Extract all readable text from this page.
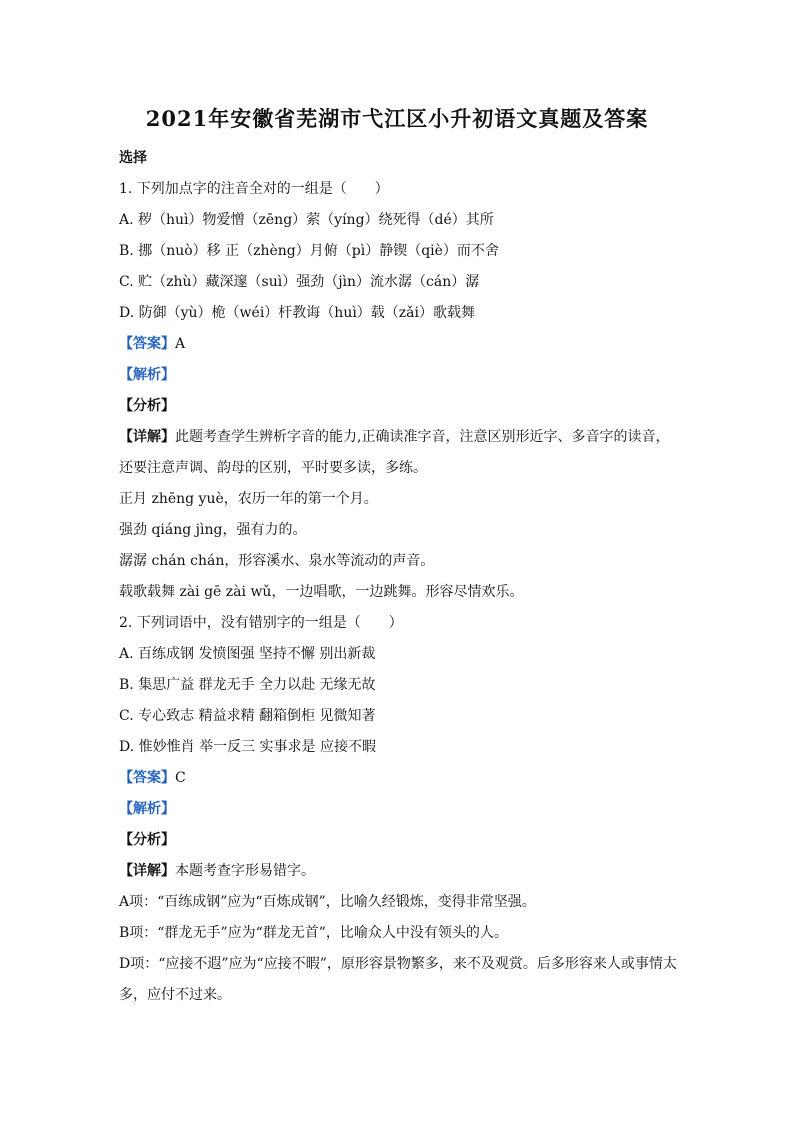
2021年安徽省芜湖市弋江区小升初语文真题及答案
选择
1. 下列加点字的注音全对的一组是（　　）
A. 秽（huì）物爱憎（zēng）萦（yíng）绕死得（dé）其所
B. 挪（nuò）移 正（zhèng）月俯（pì）静锲（qiè）而不舍
C. 贮（zhù）藏深邃（suì）强劲（jìn）流水潺（cán）潺
D. 防御（yù）桅（wéi）杆教诲（huì）载（zǎi）歌载舞
【答案】A
【解析】
【分析】
【详解】此题考查学生辨析字音的能力,正确读准字音，注意区别形近字、多音字的读音，还要注意声调、韵母的区别，平时要多读，多练。
正月 zhēng yuè，农历一年的第一个月。
强劲 qiáng jìng，强有力的。
潺潺 chán chán，形容溪水、泉水等流动的声音。
载歌载舞 zài gē zài wǔ，一边唱歌，一边跳舞。形容尽情欢乐。
2. 下列词语中，没有错别字的一组是（　　）
A. 百练成钢 发愤图强 坚持不懈 别出新裁
B. 集思广益 群龙无手 全力以赴 无缘无故
C. 专心致志 精益求精 翻箱倒柜 见微知著
D. 惟妙惟肖 举一反三 实事求是 应接不暇
【答案】C
【解析】
【分析】
【详解】本题考查字形易错字。
A项：“百练成钢”应为“百炼成钢”，比喻久经锻炼，变得非常坚强。
B项：“群龙无手”应为“群龙无首”，比喻众人中没有领头的人。
D项：“应接不遐”应为“应接不暇”，原形容景物繁多，来不及观赏。后多形容来人或事情太多，应付不过来。
